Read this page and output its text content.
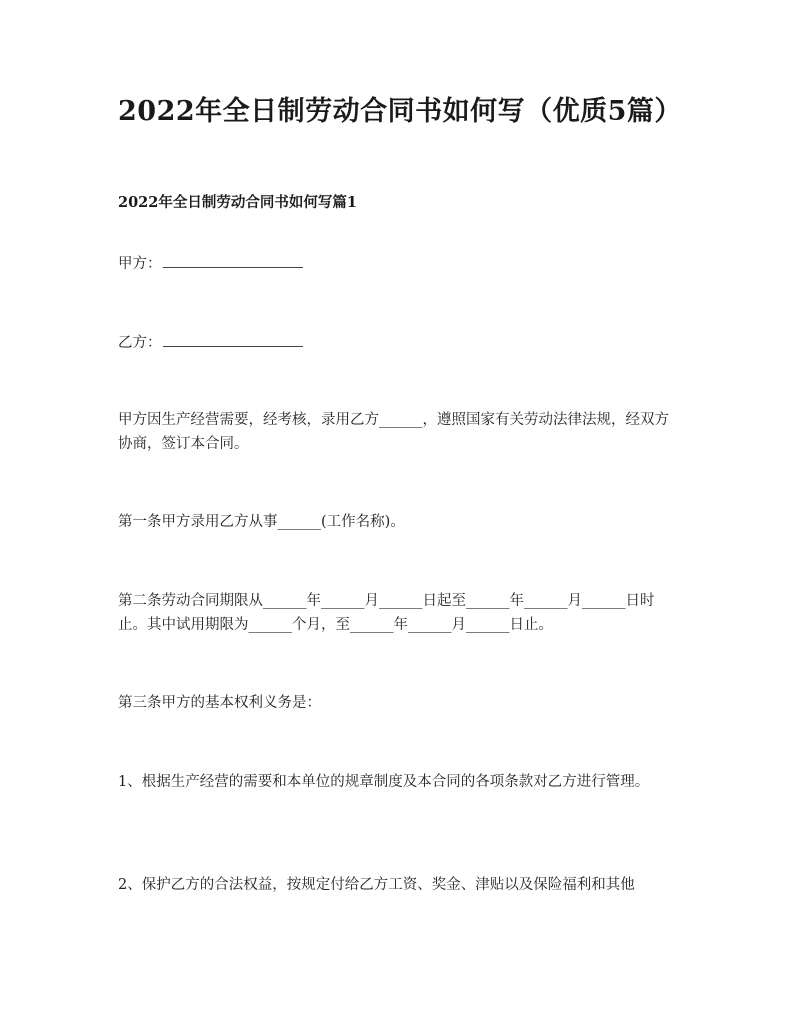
2022年全日制劳动合同书如何写（优质5篇）
2022年全日制劳动合同书如何写篇1
甲方：
乙方：
甲方因生产经营需要，经考核，录用乙方______，遵照国家有关劳动法律法规，经双方协商，签订本合同。
第一条甲方录用乙方从事______(工作名称)。
第二条劳动合同期限从______年______月______日起至______年______月______日时止。其中试用期限为______个月，至______年______月______日止。
第三条甲方的基本权利义务是：
1、根据生产经营的需要和本单位的规章制度及本合同的各项条款对乙方进行管理。
2、保护乙方的合法权益，按规定付给乙方工资、奖金、津贴以及保险福利和其他
